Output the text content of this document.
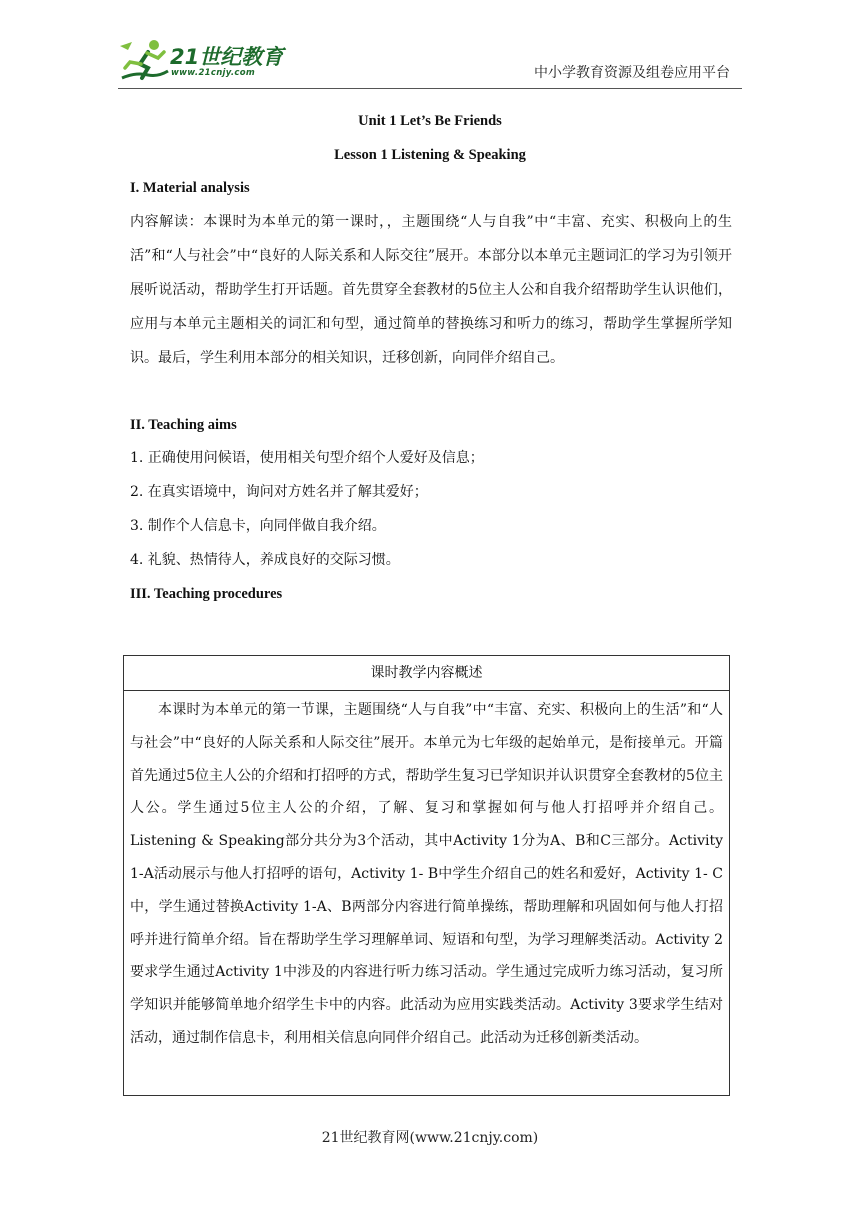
21世纪教育
www.21cnjy.com	中小学教育资源及组卷应用平台
Unit 1 Let’s Be Friends
Lesson 1 Listening & Speaking
I. Material analysis
内容解读：本课时为本单元的第一课时，，主题围绕“人与自我”中“丰富、充实、积极向上的生活”和“人与社会”中“良好的人际关系和人际交往”展开。本部分以本单元主题词汇的学习为引领开展听说活动，帮助学生打开话题。首先贯穿全套教材的5位主人公和自我介绍帮助学生认识他们，应用与本单元主题相关的词汇和句型，通过简单的替换练习和听力的练习，帮助学生掌握所学知识。最后，学生利用本部分的相关知识，迁移创新，向同伴介绍自己。
II. Teaching aims
1. 正确使用问候语，使用相关句型介绍个人爱好及信息；
2. 在真实语境中，询问对方姓名并了解其爱好；
3. 制作个人信息卡，向同伴做自我介绍。
4. 礼貌、热情待人，养成良好的交际习惯。
III. Teaching procedures
课时教学内容概述
本课时为本单元的第一节课，主题围绕“人与自我”中“丰富、充实、积极向上的生活”和“人与社会”中“良好的人际关系和人际交往”展开。本单元为七年级的起始单元，是衔接单元。开篇首先通过5位主人公的介绍和打招呼的方式，帮助学生复习已学知识并认识贯穿全套教材的5位主人公。学生通过5位主人公的介绍，了解、复习和掌握如何与他人打招呼并介绍自己。Listening & Speaking部分共分为3个活动，其中Activity 1分为A、B和C三部分。Activity 1-A活动展示与他人打招呼的语句，Activity 1- B中学生介绍自己的姓名和爱好，Activity 1- C中，学生通过替换Activity 1-A、B两部分内容进行简单操练，帮助理解和巩固如何与他人打招呼并进行简单介绍。旨在帮助学生学习理解单词、短语和句型，为学习理解类活动。Activity 2要求学生通过Activity 1中涉及的内容进行听力练习活动。学生通过完成听力练习活动，复习所学知识并能够简单地介绍学生卡中的内容。此活动为应用实践类活动。Activity 3要求学生结对活动，通过制作信息卡，利用相关信息向同伴介绍自己。此活动为迁移创新类活动。
21世纪教育网(www.21cnjy.com)
